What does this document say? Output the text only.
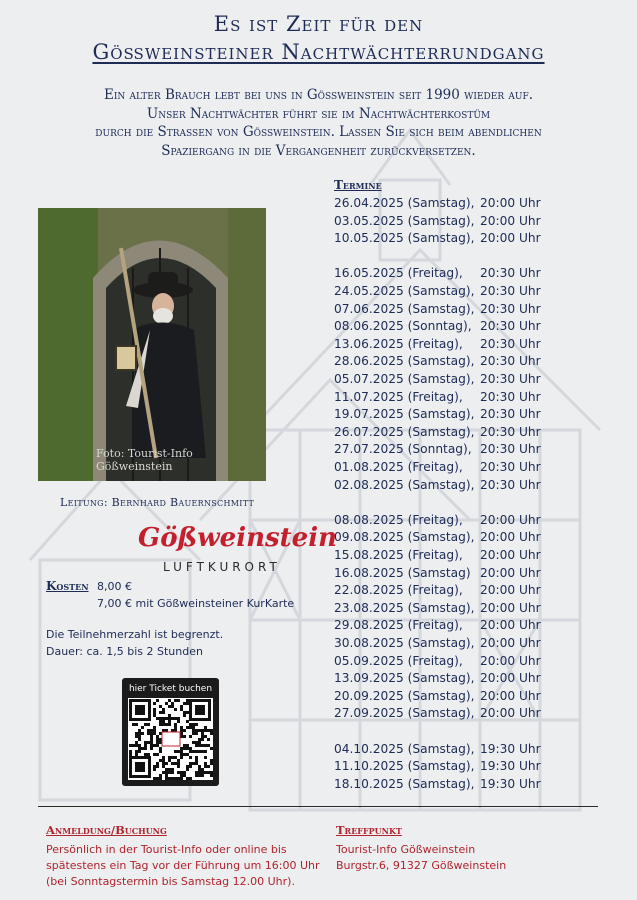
Es ist Zeit für den
Gößweinsteiner Nachtwächterrundgang
Ein alter Brauch lebt bei uns in Gößweinstein seit 1990 wieder auf.
Unser Nachtwächter führt sie im Nachtwächterkostüm
durch die Straßen von Gößweinstein. Lassen Sie sich beim abendlichen
Spaziergang in die Vergangenheit zurückversetzen.
Termine
26.04.2025 (Samstag), 20:00 Uhr
03.05.2025 (Samstag), 20:00 Uhr
10.05.2025 (Samstag), 20:00 Uhr
16.05.2025 (Freitag), 20:30 Uhr
24.05.2025 (Samstag), 20:30 Uhr
07.06.2025 (Samstag), 20:30 Uhr
08.06.2025 (Sonntag), 20:30 Uhr
13.06.2025 (Freitag), 20:30 Uhr
28.06.2025 (Samstag), 20:30 Uhr
05.07.2025 (Samstag), 20:30 Uhr
11.07.2025 (Freitag), 20:30 Uhr
19.07.2025 (Samstag), 20:30 Uhr
26.07.2025 (Samstag), 20:30 Uhr
27.07.2025 (Sonntag), 20:30 Uhr
01.08.2025 (Freitag), 20:30 Uhr
02.08.2025 (Samstag), 20:30 Uhr
08.08.2025 (Freitag), 20:00 Uhr
09.08.2025 (Samstag), 20:00 Uhr
15.08.2025 (Freitag), 20:00 Uhr
16.08.2025 (Samstag) 20:00 Uhr
22.08.2025 (Freitag), 20:00 Uhr
23.08.2025 (Samstag), 20:00 Uhr
29.08.2025 (Freitag), 20:00 Uhr
30.08.2025 (Samstag), 20:00 Uhr
05.09.2025 (Freitag), 20:00 Uhr
13.09.2025 (Samstag), 20:00 Uhr
20.09.2025 (Samstag), 20:00 Uhr
27.09.2025 (Samstag), 20:00 Uhr
04.10.2025 (Samstag), 19:30 Uhr
11.10.2025 (Samstag), 19:30 Uhr
18.10.2025 (Samstag), 19:30 Uhr
Foto: Tourist-Info Gößweinstein
Leitung: Bernhard Bauernschmitt
Gößweinstein
LUFTKURORT
Kosten 8,00 €
7,00 € mit Gößweinsteiner KurKarte
Die Teilnehmerzahl ist begrenzt.
Dauer: ca. 1,5 bis 2 Stunden
hier Ticket buchen
Anmeldung/Buchung
Persönlich in der Tourist-Info oder online bis
spätestens ein Tag vor der Führung um 16:00 Uhr
(bei Sonntagstermin bis Samstag 12.00 Uhr).
Treffpunkt
Tourist-Info Gößweinstein
Burgstr.6, 91327 Gößweinstein
